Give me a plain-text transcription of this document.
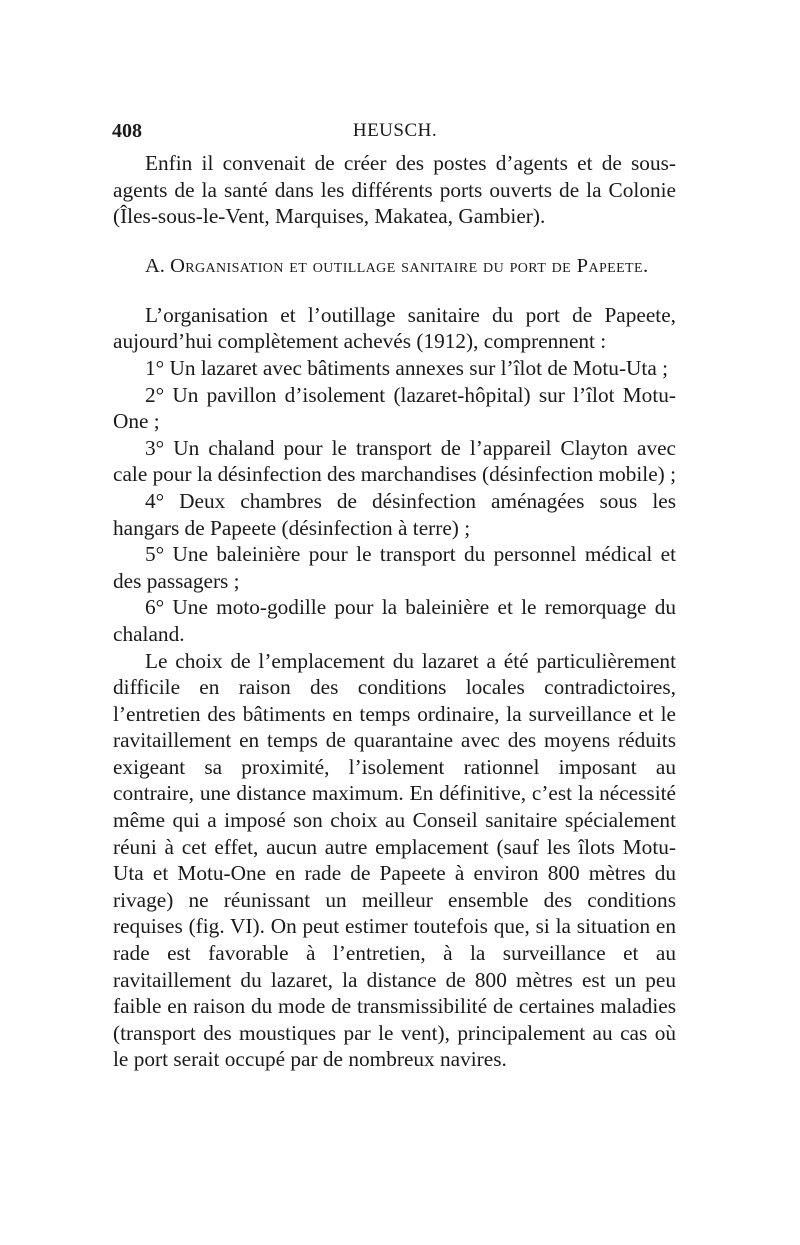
408	HEUSCH.

Enfin il convenait de créer des postes d’agents et de sous-agents de la santé dans les différents ports ouverts de la Colonie (Îles-sous-le-Vent, Marquises, Makatea, Gambier).

A. Organisation et outillage sanitaire du port de Papeete.

L’organisation et l’outillage sanitaire du port de Papeete, aujourd’hui complètement achevés (1912), comprennent :

1° Un lazaret avec bâtiments annexes sur l’îlot de Motu-Uta ;

2° Un pavillon d’isolement (lazaret-hôpital) sur l’îlot Motu-One ;

3° Un chaland pour le transport de l’appareil Clayton avec cale pour la désinfection des marchandises (désinfection mobile) ;

4° Deux chambres de désinfection aménagées sous les hangars de Papeete (désinfection à terre) ;

5° Une baleinière pour le transport du personnel médical et des passagers ;

6° Une moto-godille pour la baleinière et le remorquage du chaland.

Le choix de l’emplacement du lazaret a été particulièrement difficile en raison des conditions locales contradictoires, l’entretien des bâtiments en temps ordinaire, la surveillance et le ravitaillement en temps de quarantaine avec des moyens réduits exigeant sa proximité, l’isolement rationnel imposant au contraire, une distance maximum. En définitive, c’est la nécessité même qui a imposé son choix au Conseil sanitaire spécialement réuni à cet effet, aucun autre emplacement (sauf les îlots Motu-Uta et Motu-One en rade de Papeete à environ 800 mètres du rivage) ne réunissant un meilleur ensemble des conditions requises (fig. VI). On peut estimer toutefois que, si la situation en rade est favorable à l’entretien, à la surveillance et au ravitaillement du lazaret, la distance de 800 mètres est un peu faible en raison du mode de transmissibilité de certaines maladies (transport des moustiques par le vent), principalement au cas où le port serait occupé par de nombreux navires.
